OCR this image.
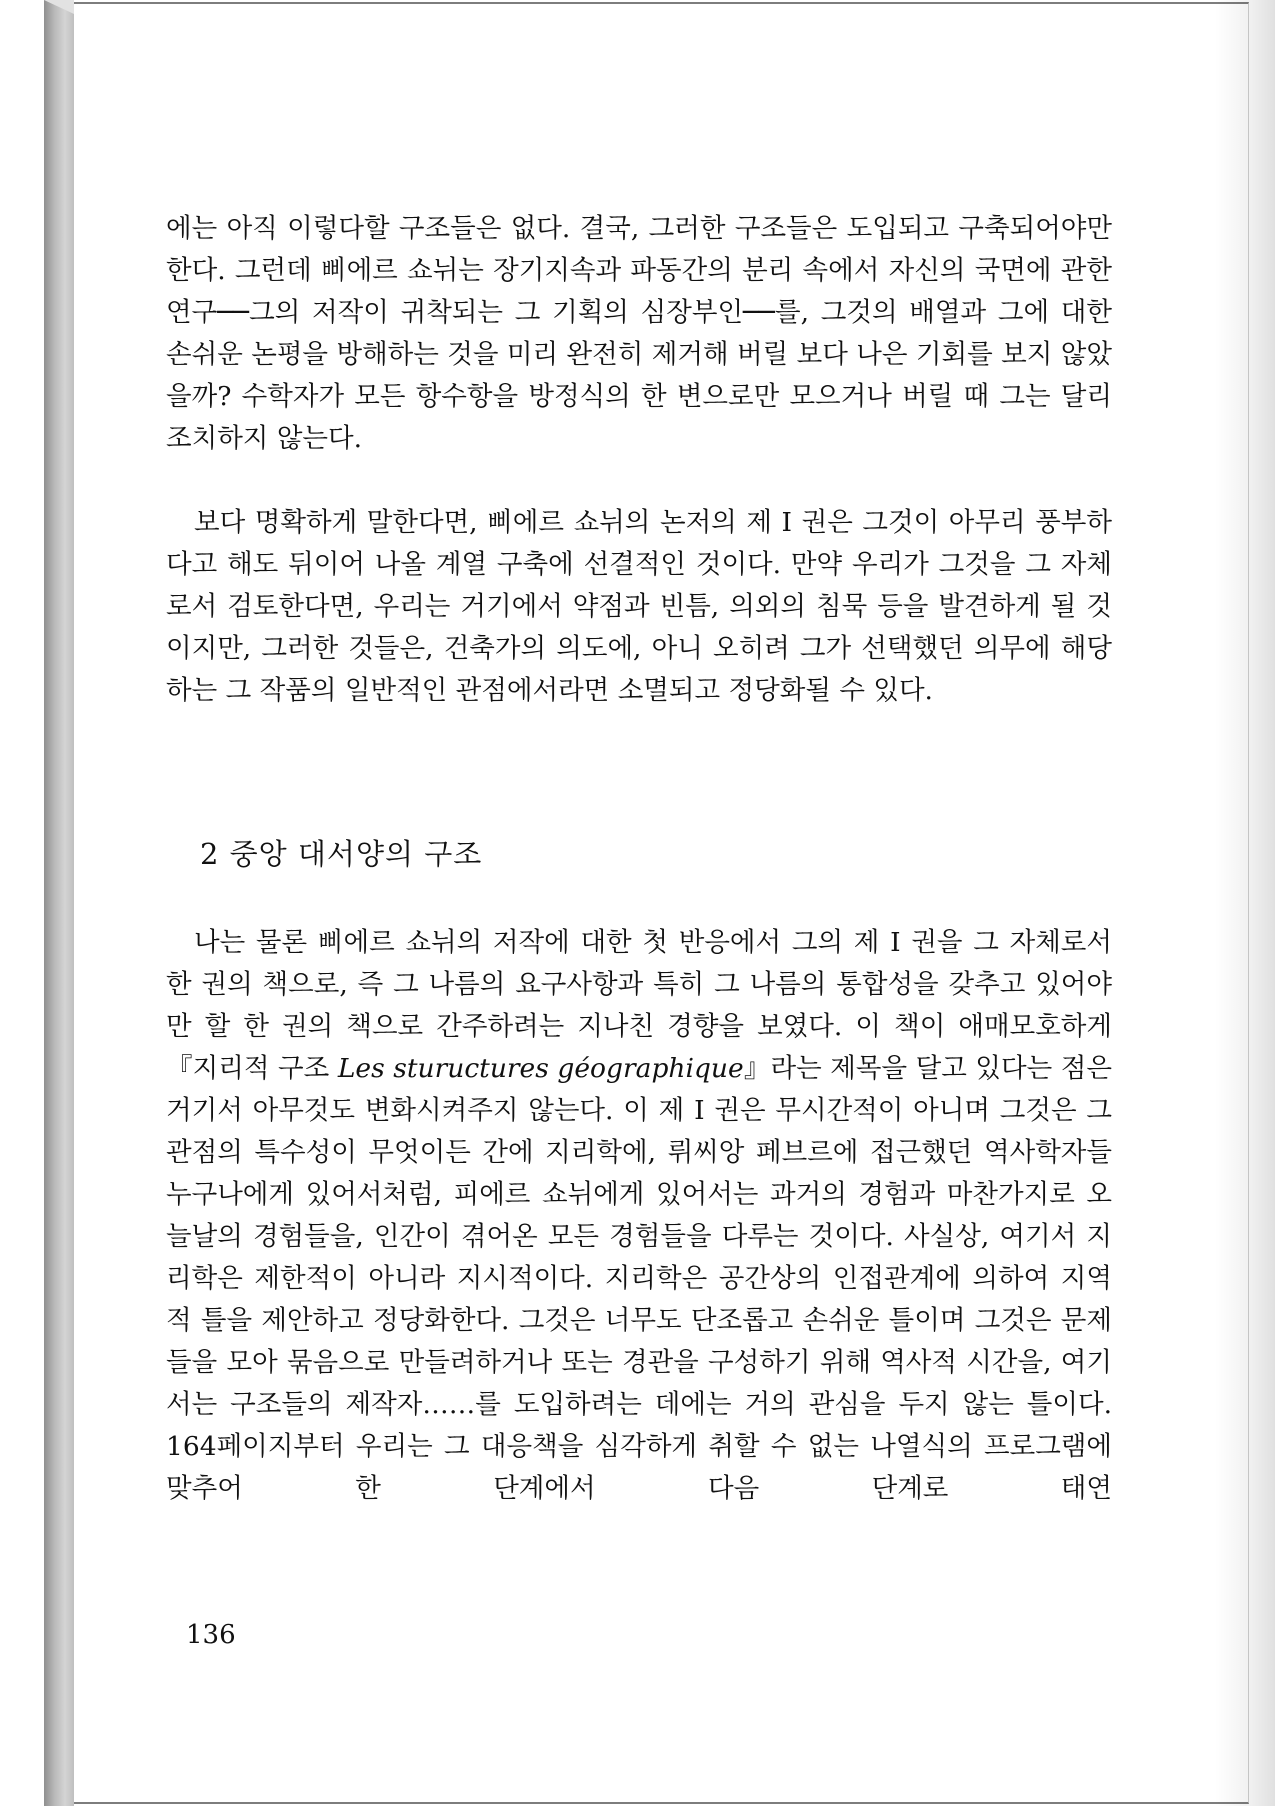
에는 아직 이렇다할 구조들은 없다. 결국, 그러한 구조들은 도입되고 구축되어야만 한다. 그런데 삐에르 쇼뉘는 장기지속과 파동간의 분리 속에서 자신의 국면에 관한 연구──그의 저작이 귀착되는 그 기획의 심장부인──를, 그것의 배열과 그에 대한 손쉬운 논평을 방해하는 것을 미리 완전히 제거해 버릴 보다 나은 기회를 보지 않았을까? 수학자가 모든 항수항을 방정식의 한 변으로만 모으거나 버릴 때 그는 달리 조치하지 않는다.

보다 명확하게 말한다면, 삐에르 쇼뉘의 논저의 제 I 권은 그것이 아무리 풍부하다고 해도 뒤이어 나올 계열 구축에 선결적인 것이다. 만약 우리가 그것을 그 자체로서 검토한다면, 우리는 거기에서 약점과 빈틈, 의외의 침묵 등을 발견하게 될 것이지만, 그러한 것들은, 건축가의 의도에, 아니 오히려 그가 선택했던 의무에 해당하는 그 작품의 일반적인 관점에서라면 소멸되고 정당화될 수 있다.

2 중앙 대서양의 구조

나는 물론 삐에르 쇼뉘의 저작에 대한 첫 반응에서 그의 제 I 권을 그 자체로서 한 권의 책으로, 즉 그 나름의 요구사항과 특히 그 나름의 통합성을 갖추고 있어야만 할 한 권의 책으로 간주하려는 지나친 경향을 보였다. 이 책이 애매모호하게 『지리적 구조 Les stuructures géographique』라는 제목을 달고 있다는 점은 거기서 아무것도 변화시켜주지 않는다. 이 제 I 권은 무시간적이 아니며 그것은 그 관점의 특수성이 무엇이든 간에 지리학에, 뤼씨앙 페브르에 접근했던 역사학자들 누구나에게 있어서처럼, 피에르 쇼뉘에게 있어서는 과거의 경험과 마찬가지로 오늘날의 경험들을, 인간이 겪어온 모든 경험들을 다루는 것이다. 사실상, 여기서 지리학은 제한적이 아니라 지시적이다. 지리학은 공간상의 인접관계에 의하여 지역적 틀을 제안하고 정당화한다. 그것은 너무도 단조롭고 손쉬운 틀이며 그것은 문제들을 모아 묶음으로 만들려하거나 또는 경관을 구성하기 위해 역사적 시간을, 여기서는 구조들의 제작자……를 도입하려는 데에는 거의 관심을 두지 않는 틀이다. 164페이지부터 우리는 그 대응책을 심각하게 취할 수 없는 나열식의 프로그램에 맞추어 한 단계에서 다음 단계로 태연

136
